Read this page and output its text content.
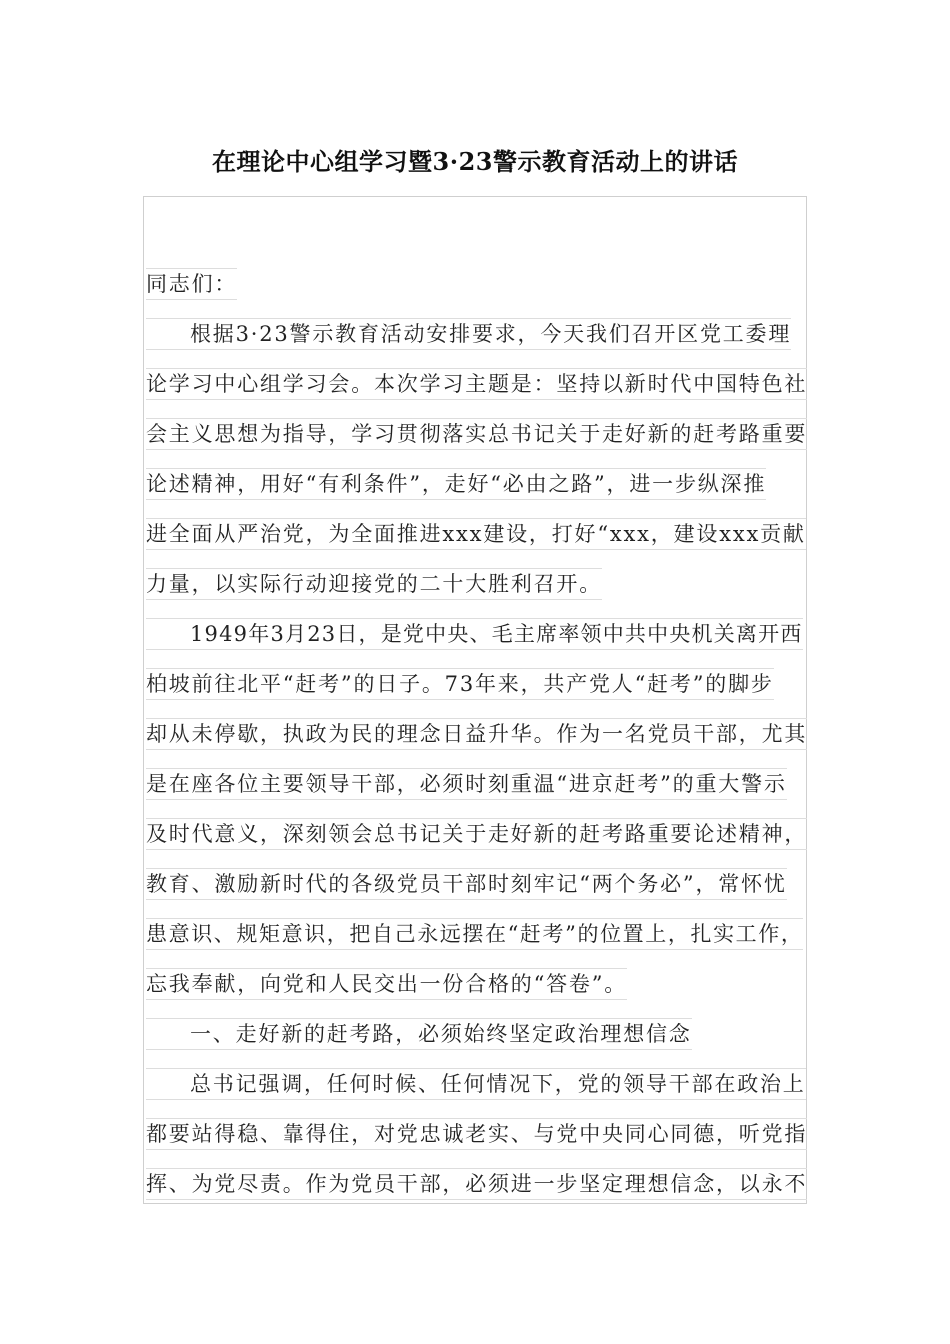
在理论中心组学习暨3·23警示教育活动上的讲话
同志们：
根据3·23警示教育活动安排要求，今天我们召开区党工委理
论学习中心组学习会。本次学习主题是：坚持以新时代中国特色社
会主义思想为指导，学习贯彻落实总书记关于走好新的赶考路重要
论述精神，用好“有利条件”，走好“必由之路”，进一步纵深推
进全面从严治党，为全面推进xxx建设，打好“xxx，建设xxx贡献
力量，以实际行动迎接党的二十大胜利召开。
1949年3月23日，是党中央、毛主席率领中共中央机关离开西
柏坡前往北平“赶考”的日子。73年来，共产党人“赶考”的脚步
却从未停歇，执政为民的理念日益升华。作为一名党员干部，尤其
是在座各位主要领导干部，必须时刻重温“进京赶考”的重大警示
及时代意义，深刻领会总书记关于走好新的赶考路重要论述精神，
教育、激励新时代的各级党员干部时刻牢记“两个务必”，常怀忧
患意识、规矩意识，把自己永远摆在“赶考”的位置上，扎实工作，
忘我奉献，向党和人民交出一份合格的“答卷”。
一、走好新的赶考路，必须始终坚定政治理想信念
总书记强调，任何时候、任何情况下，党的领导干部在政治上
都要站得稳、靠得住，对党忠诚老实、与党中央同心同德，听党指
挥、为党尽责。作为党员干部，必须进一步坚定理想信念，以永不
